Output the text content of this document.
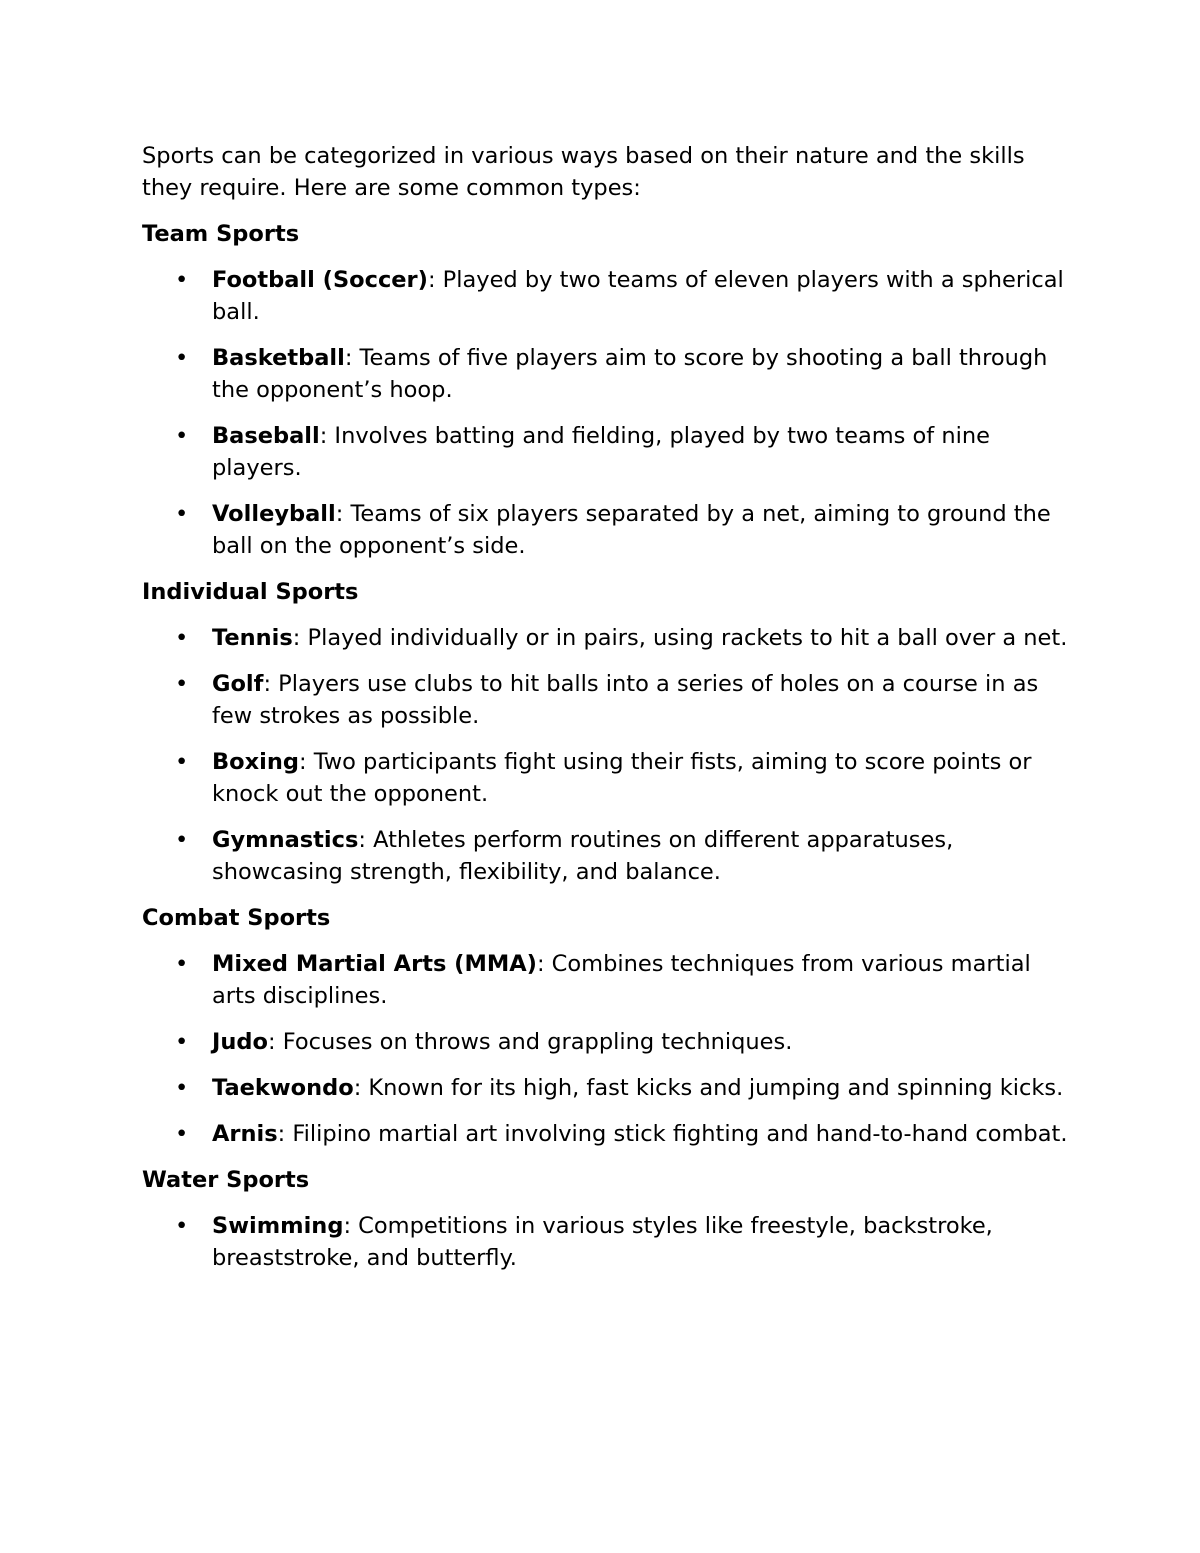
Sports can be categorized in various ways based on their nature and the skills they require. Here are some common types:

Team Sports
• Football (Soccer): Played by two teams of eleven players with a spherical ball.
• Basketball: Teams of five players aim to score by shooting a ball through the opponent’s hoop.
• Baseball: Involves batting and fielding, played by two teams of nine players.
• Volleyball: Teams of six players separated by a net, aiming to ground the ball on the opponent’s side.
Individual Sports
• Tennis: Played individually or in pairs, using rackets to hit a ball over a net.
• Golf: Players use clubs to hit balls into a series of holes on a course in as few strokes as possible.
• Boxing: Two participants fight using their fists, aiming to score points or knock out the opponent.
• Gymnastics: Athletes perform routines on different apparatuses, showcasing strength, flexibility, and balance.
Combat Sports
• Mixed Martial Arts (MMA): Combines techniques from various martial arts disciplines.
• Judo: Focuses on throws and grappling techniques.
• Taekwondo: Known for its high, fast kicks and jumping and spinning kicks.
• Arnis: Filipino martial art involving stick fighting and hand-to-hand combat.
Water Sports
• Swimming: Competitions in various styles like freestyle, backstroke, breaststroke, and butterfly.
